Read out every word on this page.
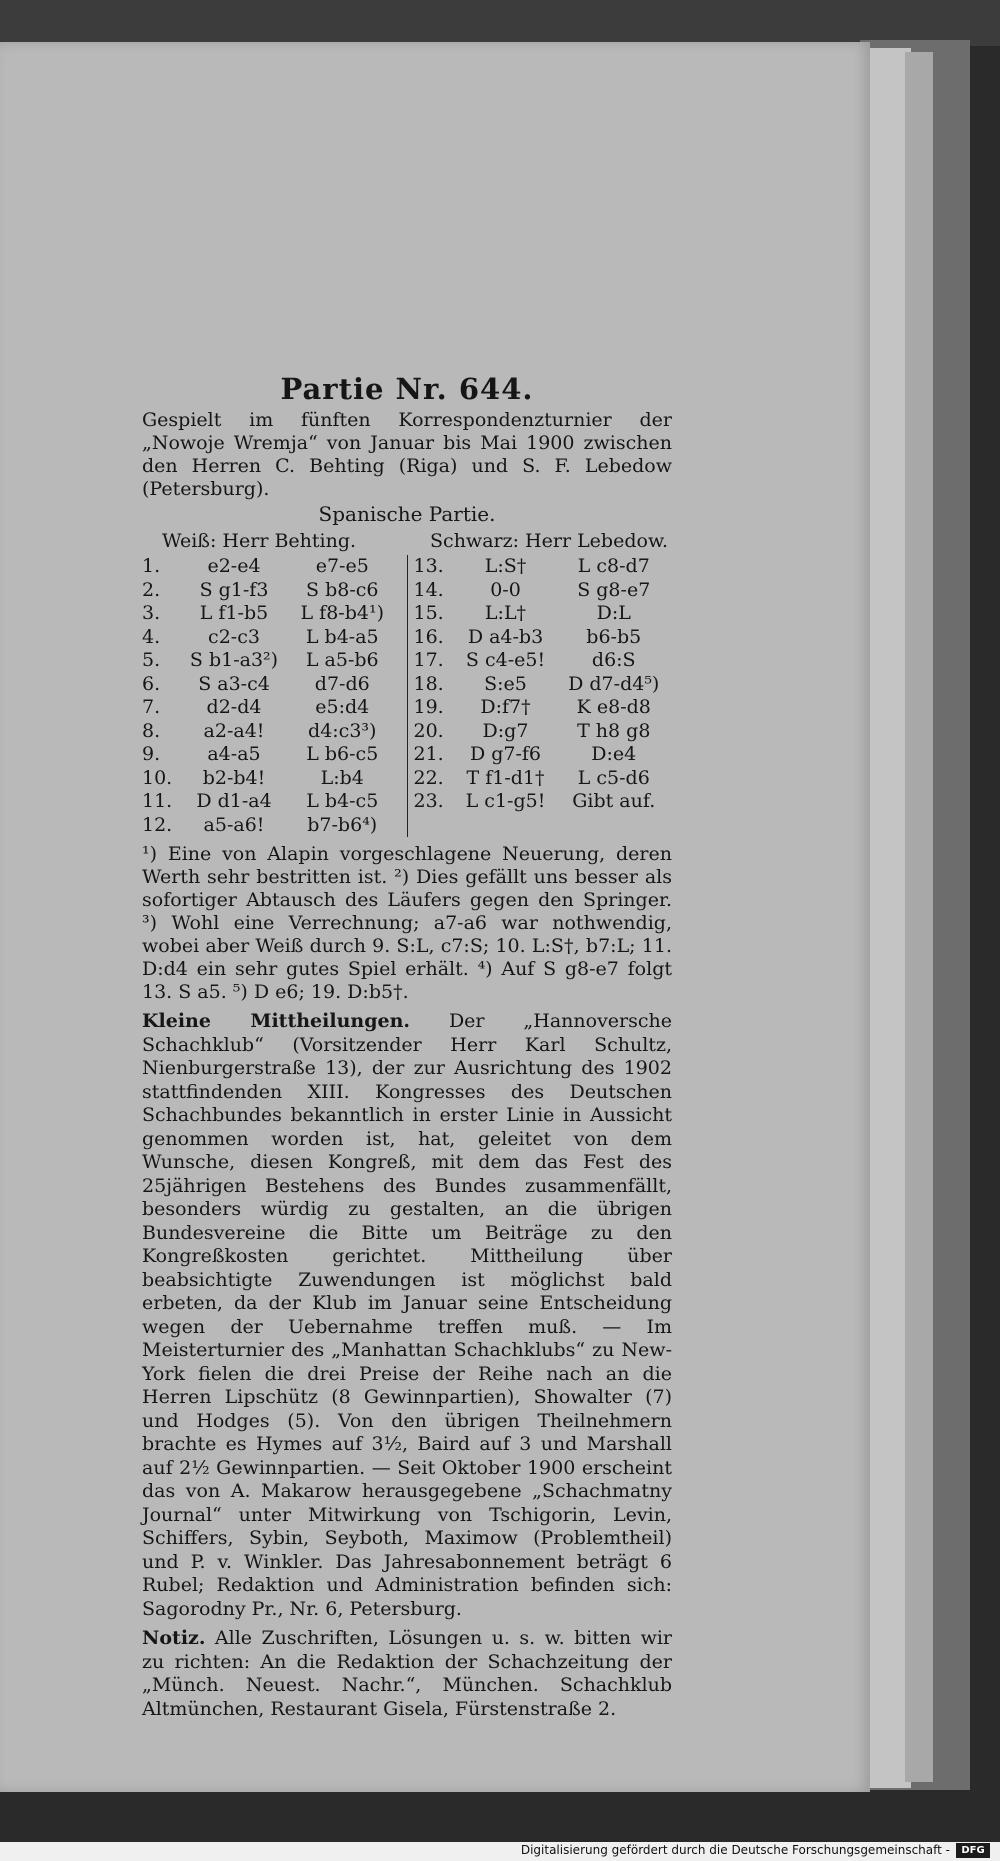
Partie Nr. 644.
Gespielt im fünften Korrespondenzturnier der „Nowoje Wremja“ von Januar bis Mai 1900 zwischen den Herren C. Behting (Riga) und S. F. Lebedow (Petersburg).
Spanische Partie.
Weiß: Herr Behting.	Schwarz: Herr Lebedow.
1.	e2-e4	e7-e5
2.	S g1-f3	S b8-c6
3.	L f1-b5	L f8-b4¹)
4.	c2-c3	L b4-a5
5.	S b1-a3²)	L a5-b6
6.	S a3-c4	d7-d6
7.	d2-d4	e5:d4
8.	a2-a4!	d4:c3³)
9.	a4-a5	L b6-c5
10.	b2-b4!	L:b4
11.	D d1-a4	L b4-c5
12.	a5-a6!	b7-b6⁴)
13.	L:S†	L c8-d7
14.	0-0	S g8-e7
15.	L:L†	D:L
16.	D a4-b3	b6-b5
17.	S c4-e5!	d6:S
18.	S:e5	D d7-d4⁵)
19.	D:f7†	K e8-d8
20.	D:g7	T h8 g8
21.	D g7-f6	D:e4
22.	T f1-d1†	L c5-d6
23.	L c1-g5!	Gibt auf.
¹) Eine von Alapin vorgeschlagene Neuerung, deren Werth sehr bestritten ist. ²) Dies gefällt uns besser als sofortiger Abtausch des Läufers gegen den Springer. ³) Wohl eine Verrechnung; a7-a6 war nothwendig, wobei aber Weiß durch 9. S:L, c7:S; 10. L:S†, b7:L; 11. D:d4 ein sehr gutes Spiel erhält. ⁴) Auf S g8-e7 folgt 13. S a5. ⁵) D e6; 19. D:b5†.
Kleine Mittheilungen. Der „Hannoversche Schachklub“ (Vorsitzender Herr Karl Schultz, Nienburgerstraße 13), der zur Ausrichtung des 1902 stattfindenden XIII. Kongresses des Deutschen Schachbundes bekanntlich in erster Linie in Aussicht genommen worden ist, hat, geleitet von dem Wunsche, diesen Kongreß, mit dem das Fest des 25jährigen Bestehens des Bundes zusammenfällt, besonders würdig zu gestalten, an die übrigen Bundesvereine die Bitte um Beiträge zu den Kongreßkosten gerichtet. Mittheilung über beabsichtigte Zuwendungen ist möglichst bald erbeten, da der Klub im Januar seine Entscheidung wegen der Uebernahme treffen muß. — Im Meisterturnier des „Manhattan Schachklubs“ zu New-York fielen die drei Preise der Reihe nach an die Herren Lipschütz (8 Gewinnpartien), Showalter (7) und Hodges (5). Von den übrigen Theilnehmern brachte es Hymes auf 3½, Baird auf 3 und Marshall auf 2½ Gewinnpartien. — Seit Oktober 1900 erscheint das von A. Makarow herausgegebene „Schachmatny Journal“ unter Mitwirkung von Tschigorin, Levin, Schiffers, Sybin, Seyboth, Maximow (Problemtheil) und P. v. Winkler. Das Jahresabonnement beträgt 6 Rubel; Redaktion und Administration befinden sich: Sagorodny Pr., Nr. 6, Petersburg.
Notiz. Alle Zuschriften, Lösungen u. s. w. bitten wir zu richten: An die Redaktion der Schachzeitung der „Münch. Neuest. Nachr.“, München. Schachklub Altmünchen, Restaurant Gisela, Fürstenstraße 2.
Digitalisierung gefördert durch die Deutsche Forschungsgemeinschaft -	DFG
